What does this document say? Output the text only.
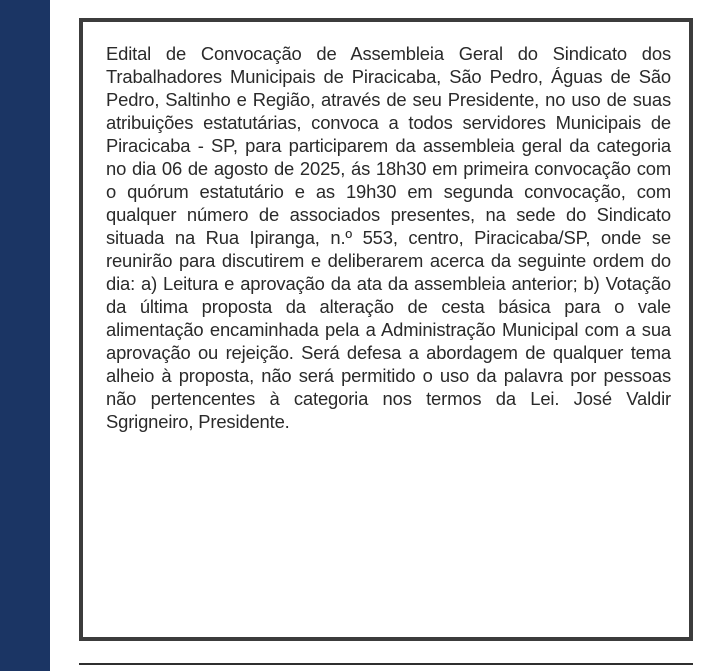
Edital de Convocação de Assembleia Geral do Sindicato dos Trabalhadores Municipais de Piracicaba, São Pedro, Águas de São Pedro, Saltinho e Região, através de seu Presidente, no uso de suas atribuições estatutárias, convoca a todos servidores Municipais de Piracicaba - SP, para participarem da assembleia geral da categoria no dia 06 de agosto de 2025, ás 18h30 em primeira convocação com o quórum estatutário e as 19h30 em segunda convocação, com qualquer número de associados presentes, na sede do Sindicato situada na Rua Ipiranga, n.º 553, centro, Piracicaba/SP, onde se reunirão para discutirem e deliberarem acerca da seguinte ordem do dia: a) Leitura e aprovação da ata da assembleia anterior; b) Votação da última proposta da alteração de cesta básica para o vale alimentação encaminhada pela a Administração Municipal com a sua aprovação ou rejeição. Será defesa a abordagem de qualquer tema alheio à proposta, não será permitido o uso da palavra por pessoas não pertencentes à categoria nos termos da Lei. José Valdir Sgrigneiro, Presidente.
